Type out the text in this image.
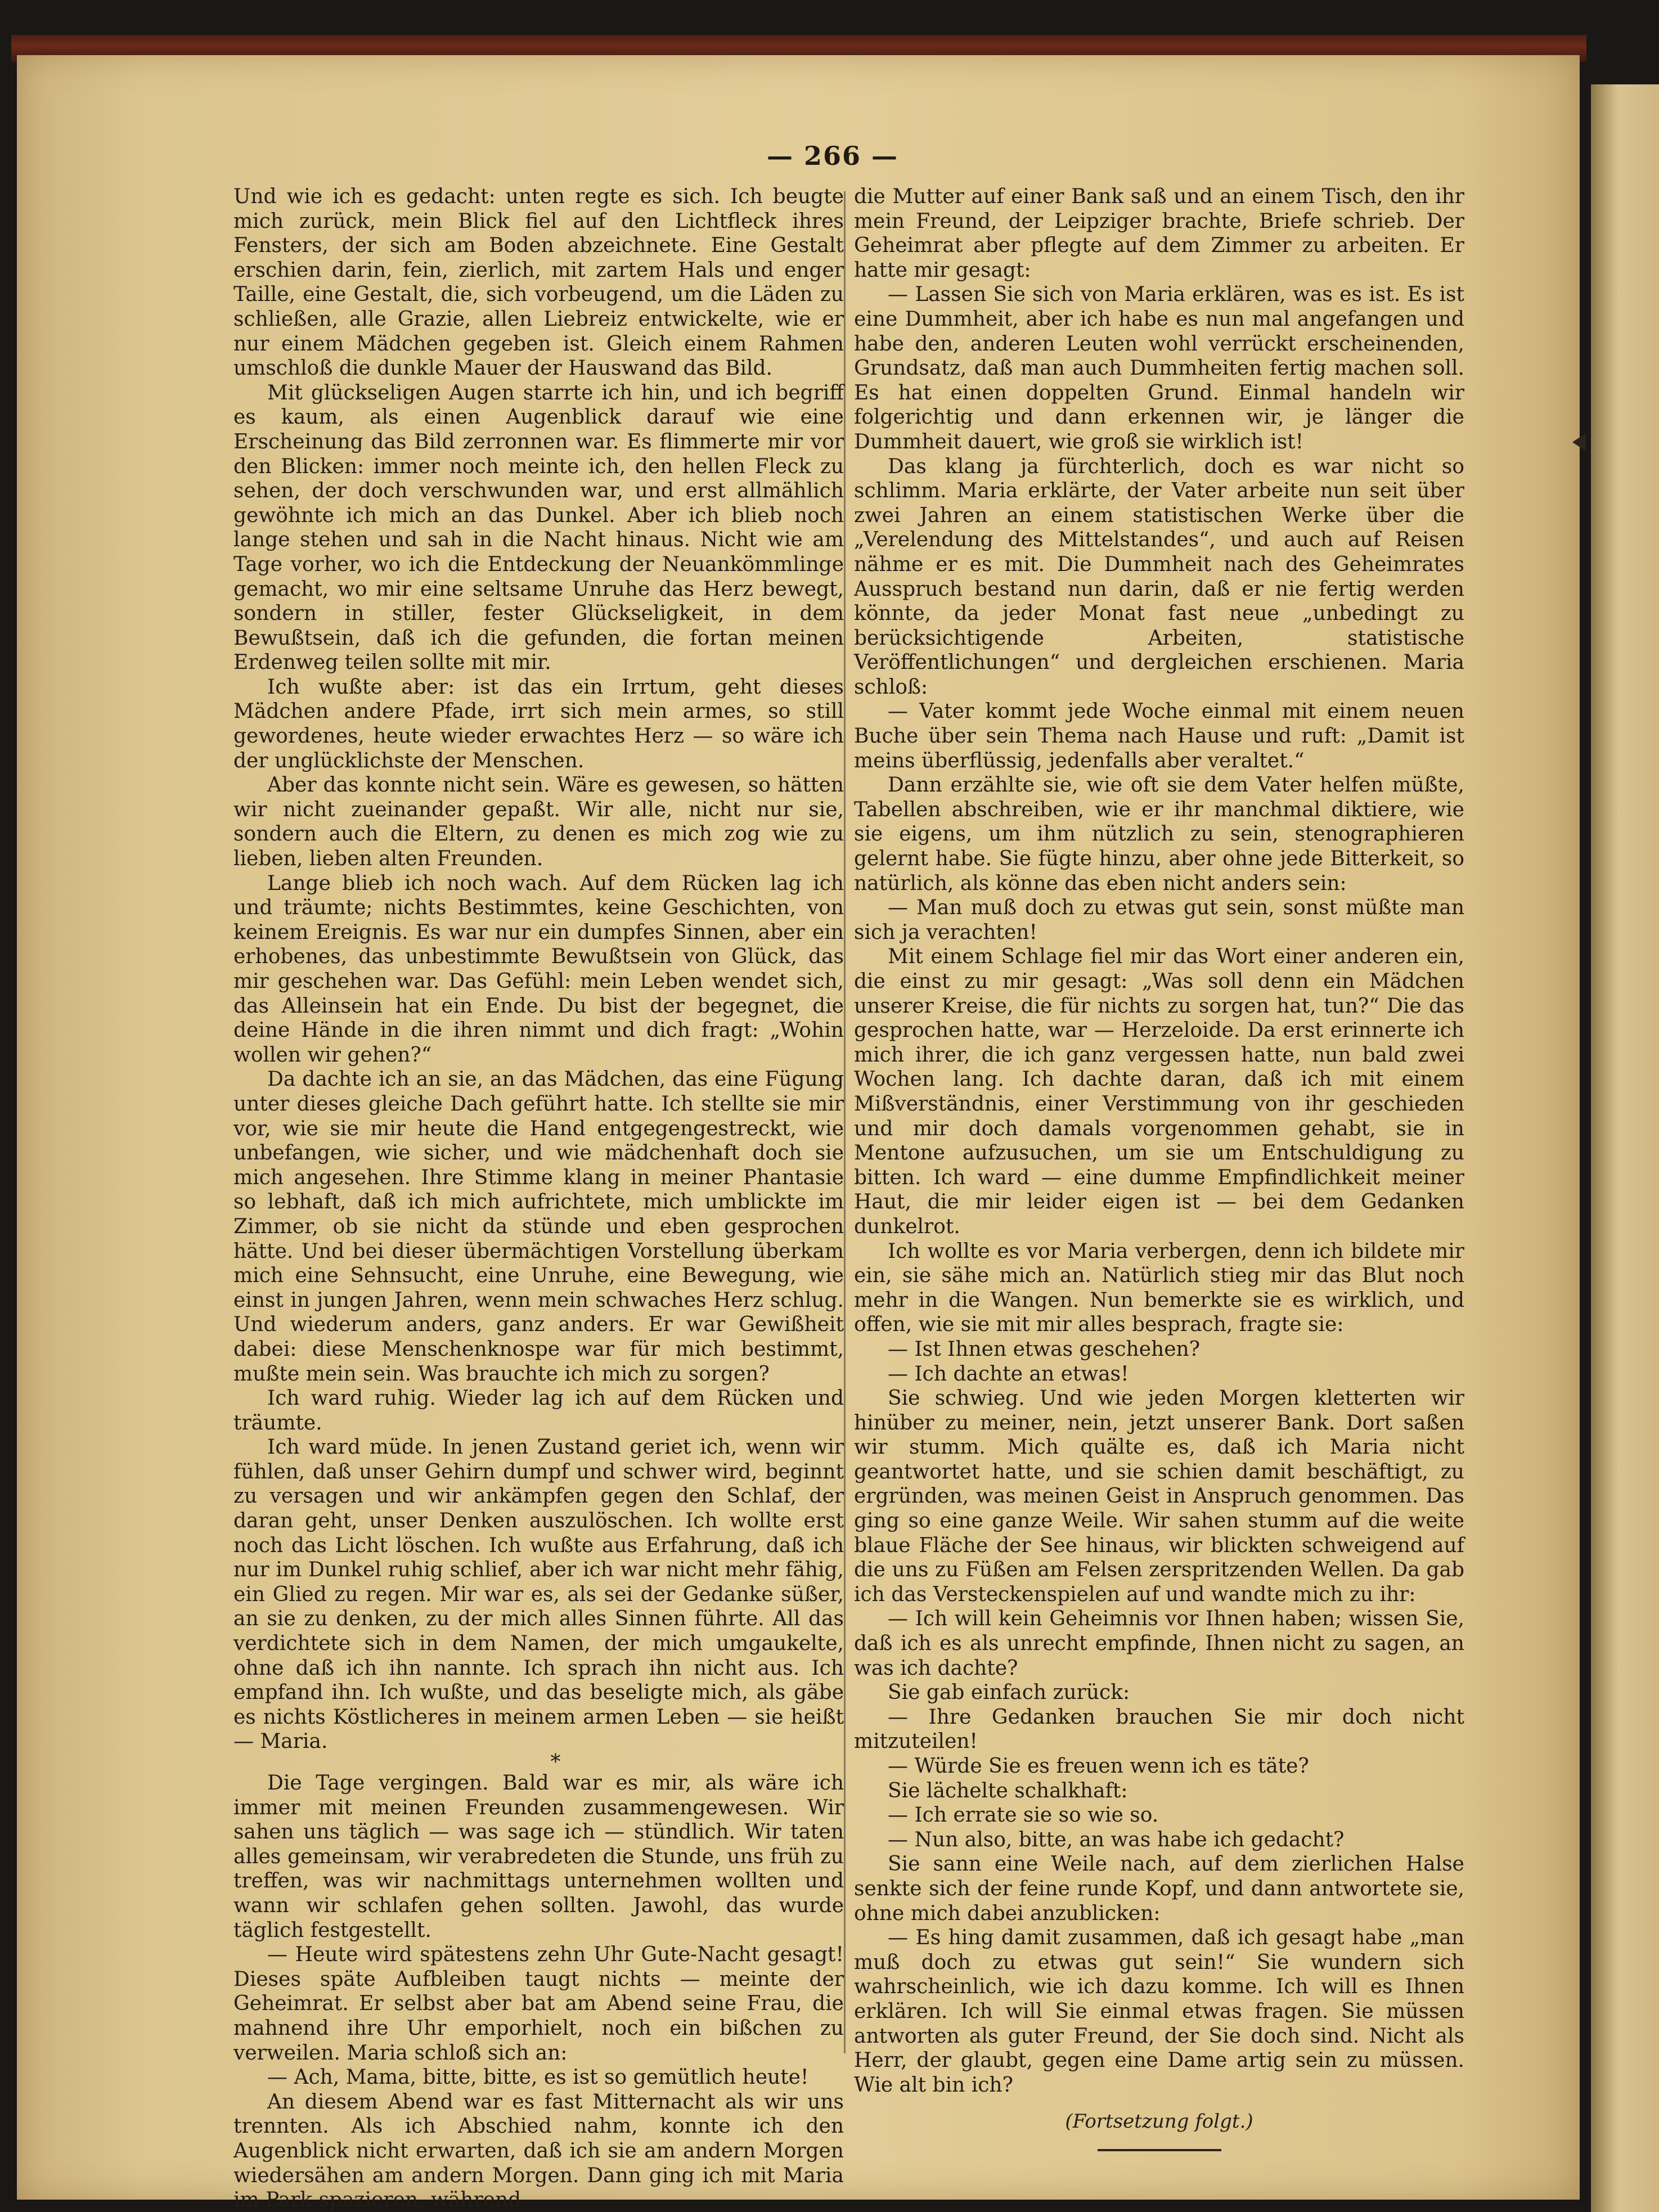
— 266 —

Und wie ich es gedacht: unten regte es sich. Ich beugte mich zurück, mein Blick fiel auf den Lichtfleck ihres Fensters, der sich am Boden abzeichnete. Eine Gestalt erschien darin, fein, zierlich, mit zartem Hals und enger Taille, eine Gestalt, die, sich vorbeugend, um die Läden zu schließen, alle Grazie, allen Liebreiz entwickelte, wie er nur einem Mädchen gegeben ist. Gleich einem Rahmen umschloß die dunkle Mauer der Hauswand das Bild.

Mit glückseligen Augen starrte ich hin, und ich begriff es kaum, als einen Augenblick darauf wie eine Erscheinung das Bild zerronnen war. Es flimmerte mir vor den Blicken: immer noch meinte ich, den hellen Fleck zu sehen, der doch verschwunden war, und erst allmählich gewöhnte ich mich an das Dunkel. Aber ich blieb noch lange stehen und sah in die Nacht hinaus. Nicht wie am Tage vorher, wo ich die Entdeckung der Neuankömmlinge gemacht, wo mir eine seltsame Unruhe das Herz bewegt, sondern in stiller, fester Glückseligkeit, in dem Bewußtsein, daß ich die gefunden, die fortan meinen Erdenweg teilen sollte mit mir.

Ich wußte aber: ist das ein Irrtum, geht dieses Mädchen andere Pfade, irrt sich mein armes, so still gewordenes, heute wieder erwachtes Herz — so wäre ich der unglücklichste der Menschen.

Aber das konnte nicht sein. Wäre es gewesen, so hätten wir nicht zueinander gepaßt. Wir alle, nicht nur sie, sondern auch die Eltern, zu denen es mich zog wie zu lieben, lieben alten Freunden.

Lange blieb ich noch wach. Auf dem Rücken lag ich und träumte; nichts Bestimmtes, keine Geschichten, von keinem Ereignis. Es war nur ein dumpfes Sinnen, aber ein erhobenes, das unbestimmte Bewußtsein von Glück, das mir geschehen war. Das Gefühl: mein Leben wendet sich, das Alleinsein hat ein Ende. Du bist der begegnet, die deine Hände in die ihren nimmt und dich fragt: „Wohin wollen wir gehen?“

Da dachte ich an sie, an das Mädchen, das eine Fügung unter dieses gleiche Dach geführt hatte. Ich stellte sie mir vor, wie sie mir heute die Hand entgegengestreckt, wie unbefangen, wie sicher, und wie mädchenhaft doch sie mich angesehen. Ihre Stimme klang in meiner Phantasie so lebhaft, daß ich mich aufrichtete, mich umblickte im Zimmer, ob sie nicht da stünde und eben gesprochen hätte. Und bei dieser übermächtigen Vorstellung überkam mich eine Sehnsucht, eine Unruhe, eine Bewegung, wie einst in jungen Jahren, wenn mein schwaches Herz schlug. Und wiederum anders, ganz anders. Er war Gewißheit dabei: diese Menschenknospe war für mich bestimmt, mußte mein sein. Was brauchte ich mich zu sorgen?

Ich ward ruhig. Wieder lag ich auf dem Rücken und träumte.

Ich ward müde. In jenen Zustand geriet ich, wenn wir fühlen, daß unser Gehirn dumpf und schwer wird, beginnt zu versagen und wir ankämpfen gegen den Schlaf, der daran geht, unser Denken auszulöschen. Ich wollte erst noch das Licht löschen. Ich wußte aus Erfahrung, daß ich nur im Dunkel ruhig schlief, aber ich war nicht mehr fähig, ein Glied zu regen. Mir war es, als sei der Gedanke süßer, an sie zu denken, zu der mich alles Sinnen führte. All das verdichtete sich in dem Namen, der mich umgaukelte, ohne daß ich ihn nannte. Ich sprach ihn nicht aus. Ich empfand ihn. Ich wußte, und das beseligte mich, als gäbe es nichts Köstlicheres in meinem armen Leben — sie heißt — Maria.

*

Die Tage vergingen. Bald war es mir, als wäre ich immer mit meinen Freunden zusammengewesen. Wir sahen uns täglich — was sage ich — stündlich. Wir taten alles gemeinsam, wir verabredeten die Stunde, uns früh zu treffen, was wir nachmittags unternehmen wollten und wann wir schlafen gehen sollten. Jawohl, das wurde täglich festgestellt.

— Heute wird spätestens zehn Uhr Gute-Nacht gesagt! Dieses späte Aufbleiben taugt nichts — meinte der Geheimrat. Er selbst aber bat am Abend seine Frau, die mahnend ihre Uhr emporhielt, noch ein bißchen zu verweilen. Maria schloß sich an:

— Ach, Mama, bitte, bitte, es ist so gemütlich heute!

An diesem Abend war es fast Mitternacht als wir uns trennten. Als ich Abschied nahm, konnte ich den Augenblick nicht erwarten, daß ich sie am andern Morgen wiedersähen am andern Morgen. Dann ging ich mit Maria im Park spazieren, während

die Mutter auf einer Bank saß und an einem Tisch, den ihr mein Freund, der Leipziger brachte, Briefe schrieb. Der Geheimrat aber pflegte auf dem Zimmer zu arbeiten. Er hatte mir gesagt:

— Lassen Sie sich von Maria erklären, was es ist. Es ist eine Dummheit, aber ich habe es nun mal angefangen und habe den, anderen Leuten wohl verrückt erscheinenden, Grundsatz, daß man auch Dummheiten fertig machen soll. Es hat einen doppelten Grund. Einmal handeln wir folgerichtig und dann erkennen wir, je länger die Dummheit dauert, wie groß sie wirklich ist!

Das klang ja fürchterlich, doch es war nicht so schlimm. Maria erklärte, der Vater arbeite nun seit über zwei Jahren an einem statistischen Werke über die „Verelendung des Mittelstandes“, und auch auf Reisen nähme er es mit. Die Dummheit nach des Geheimrates Ausspruch bestand nun darin, daß er nie fertig werden könnte, da jeder Monat fast neue „unbedingt zu berücksichtigende Arbeiten, statistische Veröffentlichungen“ und dergleichen erschienen. Maria schloß:

— Vater kommt jede Woche einmal mit einem neuen Buche über sein Thema nach Hause und ruft: „Damit ist meins überflüssig, jedenfalls aber veraltet.“

Dann erzählte sie, wie oft sie dem Vater helfen müßte, Tabellen abschreiben, wie er ihr manchmal diktiere, wie sie eigens, um ihm nützlich zu sein, stenographieren gelernt habe. Sie fügte hinzu, aber ohne jede Bitterkeit, so natürlich, als könne das eben nicht anders sein:

— Man muß doch zu etwas gut sein, sonst müßte man sich ja verachten!

Mit einem Schlage fiel mir das Wort einer anderen ein, die einst zu mir gesagt: „Was soll denn ein Mädchen unserer Kreise, die für nichts zu sorgen hat, tun?“ Die das gesprochen hatte, war — Herzeloide. Da erst erinnerte ich mich ihrer, die ich ganz vergessen hatte, nun bald zwei Wochen lang. Ich dachte daran, daß ich mit einem Mißverständnis, einer Verstimmung von ihr geschieden und mir doch damals vorgenommen gehabt, sie in Mentone aufzusuchen, um sie um Entschuldigung zu bitten. Ich ward — eine dumme Empfindlichkeit meiner Haut, die mir leider eigen ist — bei dem Gedanken dunkelrot.

Ich wollte es vor Maria verbergen, denn ich bildete mir ein, sie sähe mich an. Natürlich stieg mir das Blut noch mehr in die Wangen. Nun bemerkte sie es wirklich, und offen, wie sie mit mir alles besprach, fragte sie:

— Ist Ihnen etwas geschehen?

— Ich dachte an etwas!

Sie schwieg. Und wie jeden Morgen kletterten wir hinüber zu meiner, nein, jetzt unserer Bank. Dort saßen wir stumm. Mich quälte es, daß ich Maria nicht geantwortet hatte, und sie schien damit beschäftigt, zu ergründen, was meinen Geist in Anspruch genommen. Das ging so eine ganze Weile. Wir sahen stumm auf die weite blaue Fläche der See hinaus, wir blickten schweigend auf die uns zu Füßen am Felsen zerspritzenden Wellen. Da gab ich das Versteckenspielen auf und wandte mich zu ihr:

— Ich will kein Geheimnis vor Ihnen haben; wissen Sie, daß ich es als unrecht empfinde, Ihnen nicht zu sagen, an was ich dachte?

Sie gab einfach zurück:

— Ihre Gedanken brauchen Sie mir doch nicht mitzuteilen!

— Würde Sie es freuen wenn ich es täte?

Sie lächelte schalkhaft:

— Ich errate sie so wie so.

— Nun also, bitte, an was habe ich gedacht?

Sie sann eine Weile nach, auf dem zierlichen Halse senkte sich der feine runde Kopf, und dann antwortete sie, ohne mich dabei anzublicken:

— Es hing damit zusammen, daß ich gesagt habe „man muß doch zu etwas gut sein!“ Sie wundern sich wahrscheinlich, wie ich dazu komme. Ich will es Ihnen erklären. Ich will Sie einmal etwas fragen. Sie müssen antworten als guter Freund, der Sie doch sind. Nicht als Herr, der glaubt, gegen eine Dame artig sein zu müssen. Wie alt bin ich?

(Fortsetzung folgt.)
